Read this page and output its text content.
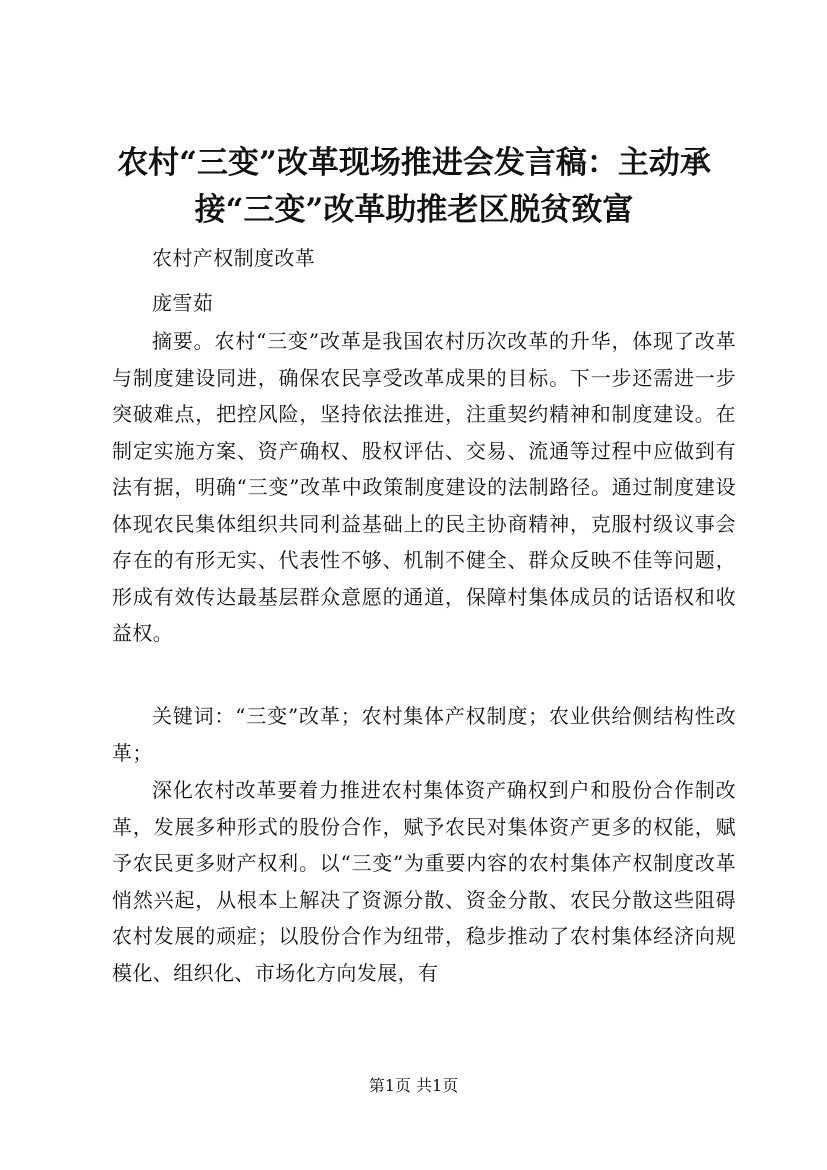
农村“三变”改革现场推进会发言稿：主动承接“三变”改革助推老区脱贫致富

农村产权制度改革

庞雪茹

摘要。农村“三变”改革是我国农村历次改革的升华，体现了改革与制度建设同进，确保农民享受改革成果的目标。下一步还需进一步突破难点，把控风险，坚持依法推进，注重契约精神和制度建设。在制定实施方案、资产确权、股权评估、交易、流通等过程中应做到有法有据，明确“三变”改革中政策制度建设的法制路径。通过制度建设体现农民集体组织共同利益基础上的民主协商精神，克服村级议事会存在的有形无实、代表性不够、机制不健全、群众反映不佳等问题，形成有效传达最基层群众意愿的通道，保障村集体成员的话语权和收益权。

关键词：“三变”改革；农村集体产权制度；农业供给侧结构性改革；

深化农村改革要着力推进农村集体资产确权到户和股份合作制改革，发展多种形式的股份合作，赋予农民对集体资产更多的权能，赋予农民更多财产权利。以“三变”为重要内容的农村集体产权制度改革悄然兴起，从根本上解决了资源分散、资金分散、农民分散这些阻碍农村发展的顽症；以股份合作为纽带，稳步推动了农村集体经济向规模化、组织化、市场化方向发展，有

第1页 共1页
